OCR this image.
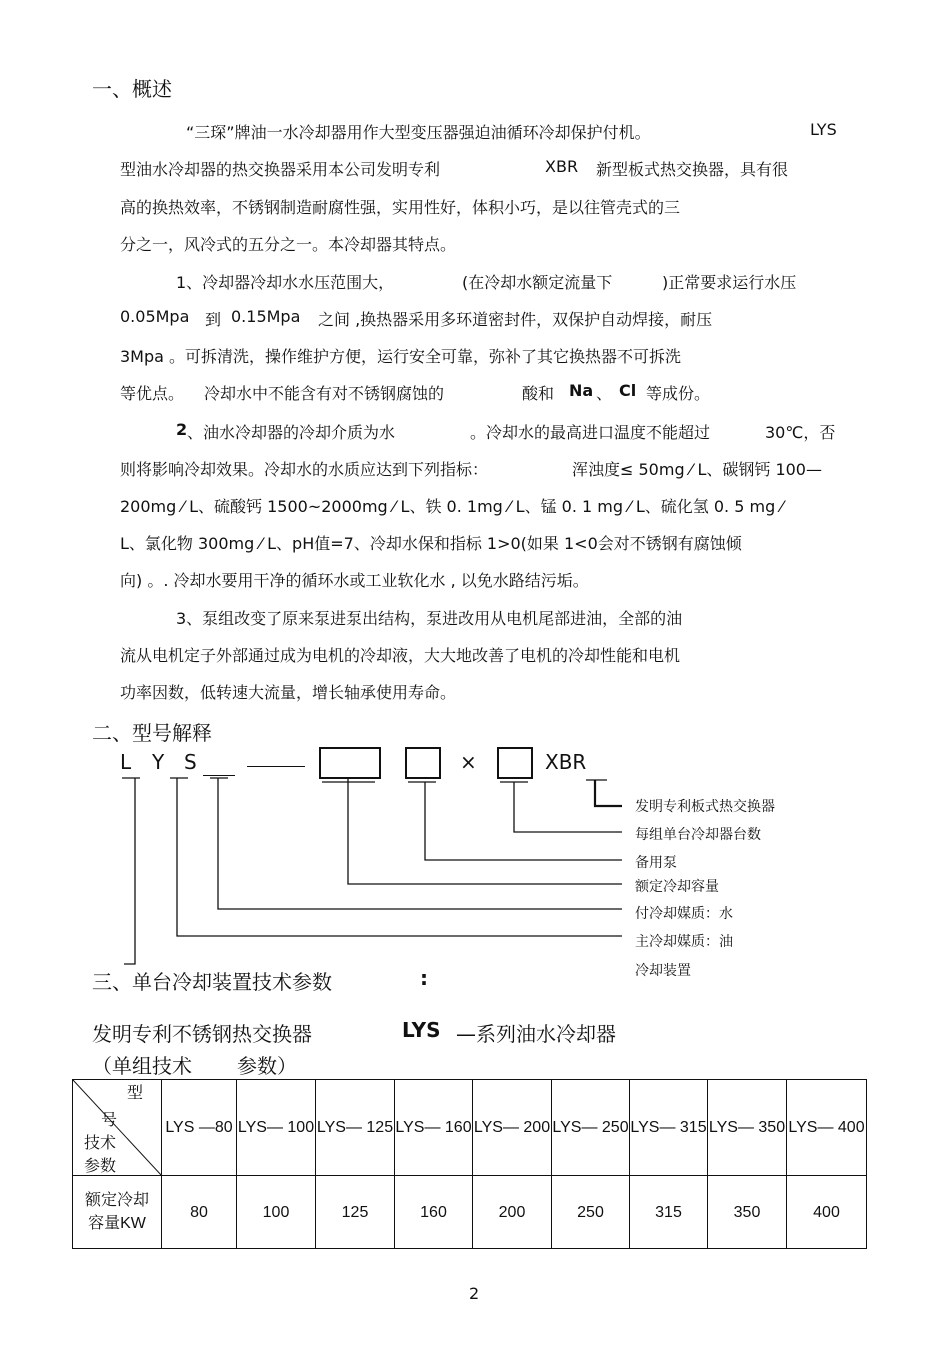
一、概述
“三琛”牌油一水冷却器用作大型变压器强迫油循环冷却保护付机。	LYS
型油水冷却器的热交换器采用本公司发明专利	XBR 新型板式热交换器，具有很
高的换热效率，不锈钢制造耐腐性强，实用性好，体积小巧，是以往管壳式的三
分之一，风冷式的五分之一。本冷却器其特点。
1、冷却器冷却水水压范围大，	(在冷却水额定流量下	)正常要求运行水压
0.05Mpa 到 0.15Mpa 之间 ,换热器采用多环道密封件，双保护自动焊接，耐压
3Mpa 。可拆清洗，操作维护方便，运行安全可靠，弥补了其它换热器不可拆洗
等优点。 冷却水中不能含有对不锈钢腐蚀的	酸和 Na 、 Cl 等成份。
2 、油水冷却器的冷却介质为水	。冷却水的最高进口温度不能超过	30℃，否
则将影响冷却效果。冷却水的水质应达到下列指标：	浑浊度≤ 50mg ⁄ L、碳钢钙 100—
200mg ⁄ L、硫酸钙 1500~2000mg ⁄ L、铁 0. 1mg ⁄ L、锰 0. 1 mg ⁄ L、硫化氢 0. 5 mg ⁄
L、氯化物 300mg ⁄ L、pH值=7、冷却水保和指标 1>0(如果 1<0会对不锈钢有腐蚀倾
向) 。. 冷却水要用干净的循环水或工业软化水 , 以免水路结污垢。
3、泵组改变了原来泵进泵出结构，泵进改用从电机尾部进油，全部的油
流从电机定子外部通过成为电机的冷却液，大大地改善了电机的冷却性能和电机
功率因数，低转速大流量，增长轴承使用寿命。
二、型号解释
L Y S	×	XBR
发明专利板式热交换器
每组单台冷却器台数
备用泵
额定冷却容量
付冷却媒质：水
主冷却媒质：油
冷却装置
三、单台冷却装置技术参数	:
发明专利不锈钢热交换器	LYS —系列油水冷却器
（单组技术 参数）
型
号
技术参数	LYS —80	LYS— 100	LYS— 125	LYS— 160	LYS— 200	LYS— 250	LYS— 315	LYS— 350	LYS— 400
额定冷却容量KW	80	100	125	160	200	250	315	350	400
2
